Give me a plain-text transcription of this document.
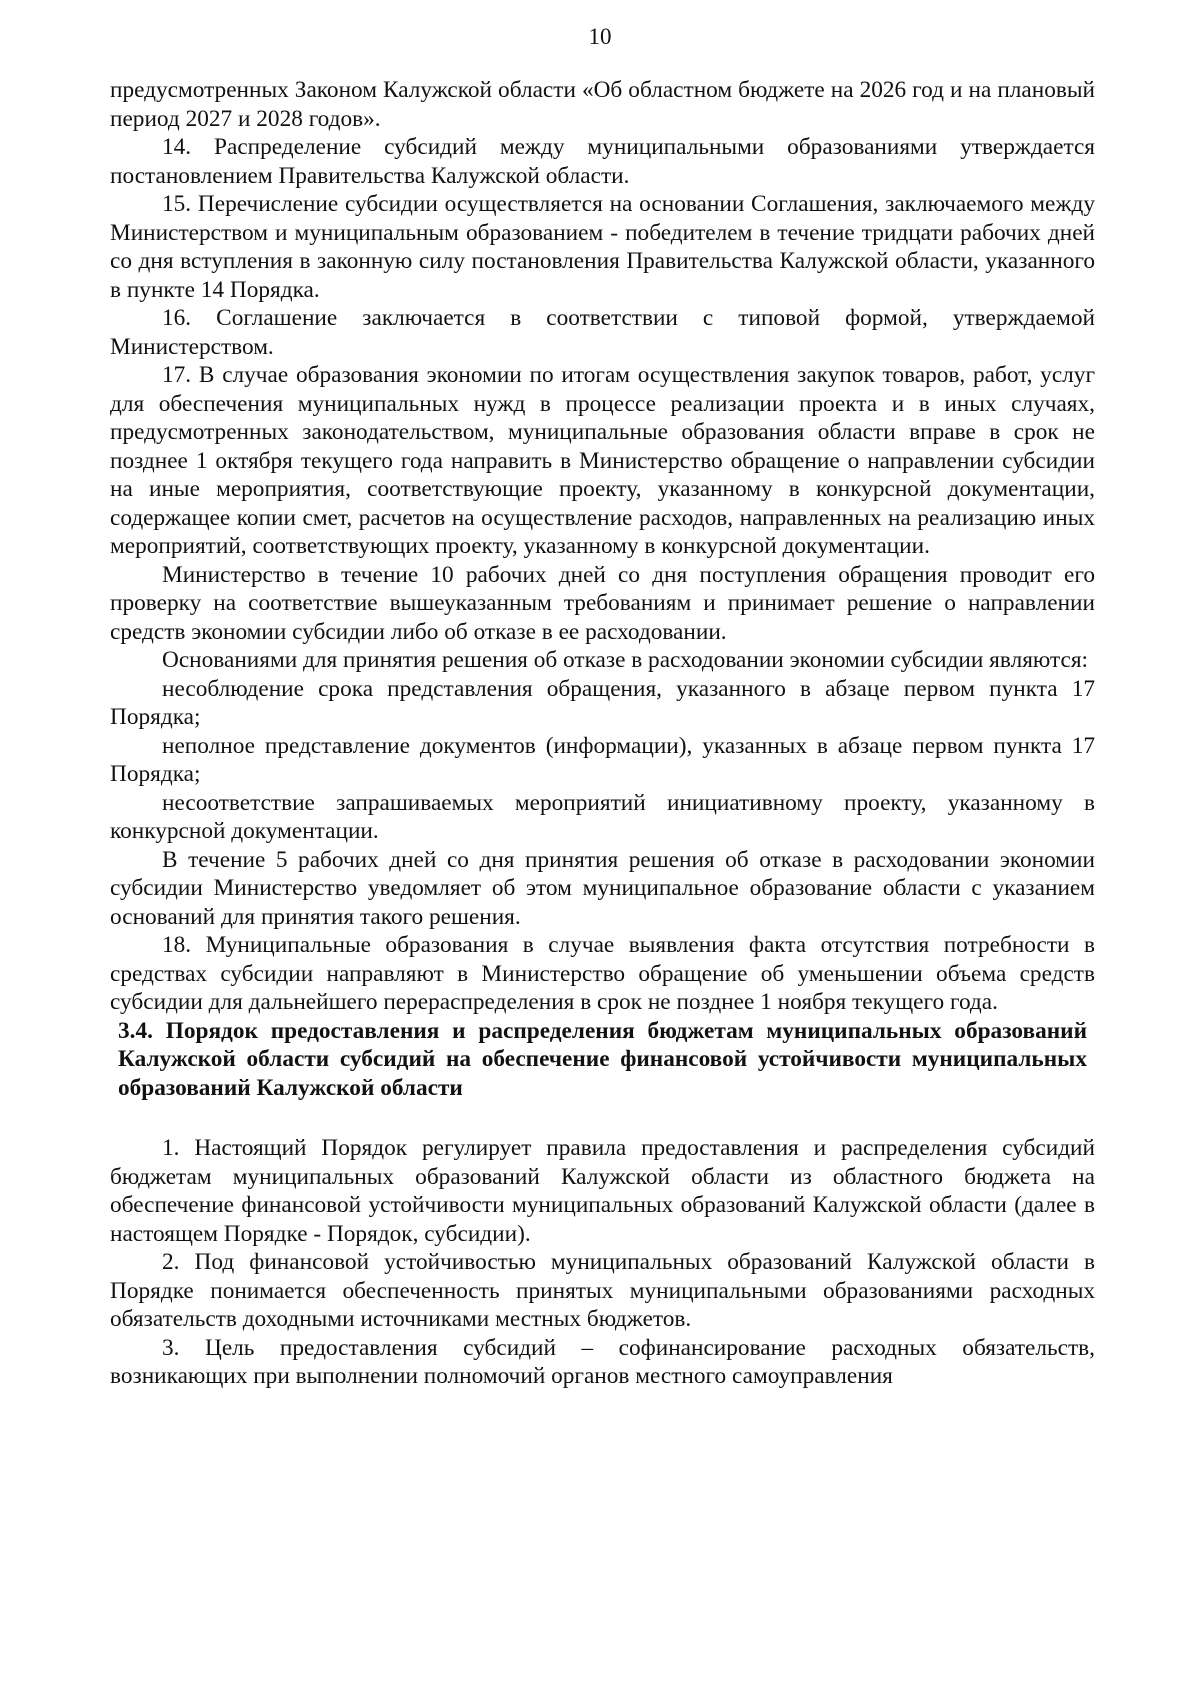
10

предусмотренных Законом Калужской области «Об областном бюджете на 2026 год и на плановый период 2027 и 2028 годов».

14. Распределение субсидий между муниципальными образованиями утверждается постановлением Правительства Калужской области.

15. Перечисление субсидии осуществляется на основании Соглашения, заключаемого между Министерством и муниципальным образованием - победителем в течение тридцати рабочих дней со дня вступления в законную силу постановления Правительства Калужской области, указанного в пункте 14 Порядка.

16. Соглашение заключается в соответствии с типовой формой, утверждаемой Министерством.

17. В случае образования экономии по итогам осуществления закупок товаров, работ, услуг для обеспечения муниципальных нужд в процессе реализации проекта и в иных случаях, предусмотренных законодательством, муниципальные образования области вправе в срок не позднее 1 октября текущего года направить в Министерство обращение о направлении субсидии на иные мероприятия, соответствующие проекту, указанному в конкурсной документации, содержащее копии смет, расчетов на осуществление расходов, направленных на реализацию иных мероприятий, соответствующих проекту, указанному в конкурсной документации.

Министерство в течение 10 рабочих дней со дня поступления обращения проводит его проверку на соответствие вышеуказанным требованиям и принимает решение о направлении средств экономии субсидии либо об отказе в ее расходовании.

Основаниями для принятия решения об отказе в расходовании экономии субсидии являются:

несоблюдение срока представления обращения, указанного в абзаце первом пункта 17 Порядка;

неполное представление документов (информации), указанных в абзаце первом пункта 17 Порядка;

несоответствие запрашиваемых мероприятий инициативному проекту, указанному в конкурсной документации.

В течение 5 рабочих дней со дня принятия решения об отказе в расходовании экономии субсидии Министерство уведомляет об этом муниципальное образование области с указанием оснований для принятия такого решения.

18. Муниципальные образования в случае выявления факта отсутствия потребности в средствах субсидии направляют в Министерство обращение об уменьшении объема средств субсидии для дальнейшего перераспределения в срок не позднее 1 ноября текущего года.

3.4. Порядок предоставления и распределения бюджетам муниципальных образований Калужской области субсидий на обеспечение финансовой устойчивости муниципальных образований Калужской области

1. Настоящий Порядок регулирует правила предоставления и распределения субсидий бюджетам муниципальных образований Калужской области из областного бюджета на обеспечение финансовой устойчивости муниципальных образований Калужской области (далее в настоящем Порядке - Порядок, субсидии).

2. Под финансовой устойчивостью муниципальных образований Калужской области в Порядке понимается обеспеченность принятых муниципальными образованиями расходных обязательств доходными источниками местных бюджетов.

3. Цель предоставления субсидий – софинансирование расходных обязательств, возникающих при выполнении полномочий органов местного самоуправления
